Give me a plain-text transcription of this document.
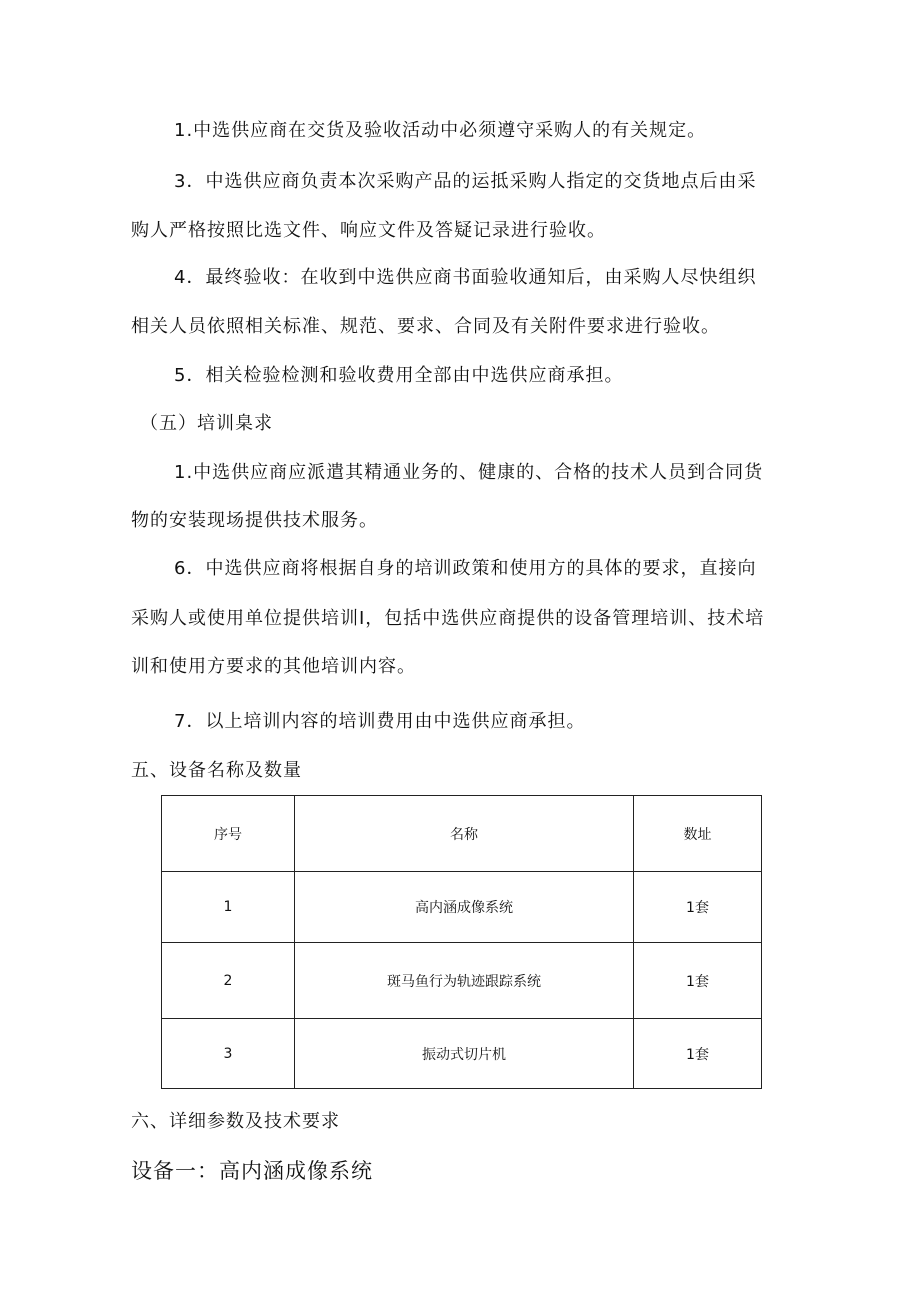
1.中选供应商在交货及验收活动中必须遵守采购人的有关规定。
3．中选供应商负责本次采购产品的运抵采购人指定的交货地点后由采
购人严格按照比选文件、响应文件及答疑记录进行验收。
4．最终验收：在收到中选供应商书面验收通知后，由采购人尽快组织
相关人员依照相关标准、规范、要求、合同及有关附件要求进行验收。
5．相关检验检测和验收费用全部由中选供应商承担。
（五）培训臬求
1.中选供应商应派遣其精通业务的、健康的、合格的技术人员到合同货
物的安装现场提供技术服务。
6．中选供应商将根据自身的培训政策和使用方的具体的要求，直接向
采购人或使用单位提供培训I，包括中选供应商提供的设备管理培训、技术培
训和使用方要求的其他培训内容。
7．以上培训内容的培训费用由中选供应商承担。
五、设备名称及数量
序号	名称	数址
1	高内涵成像系统	1套
2	斑马鱼行为轨迹跟踪系统	1套
3	振动式切片机	1套
六、详细参数及技术要求
设备一：高内涵成像系统
